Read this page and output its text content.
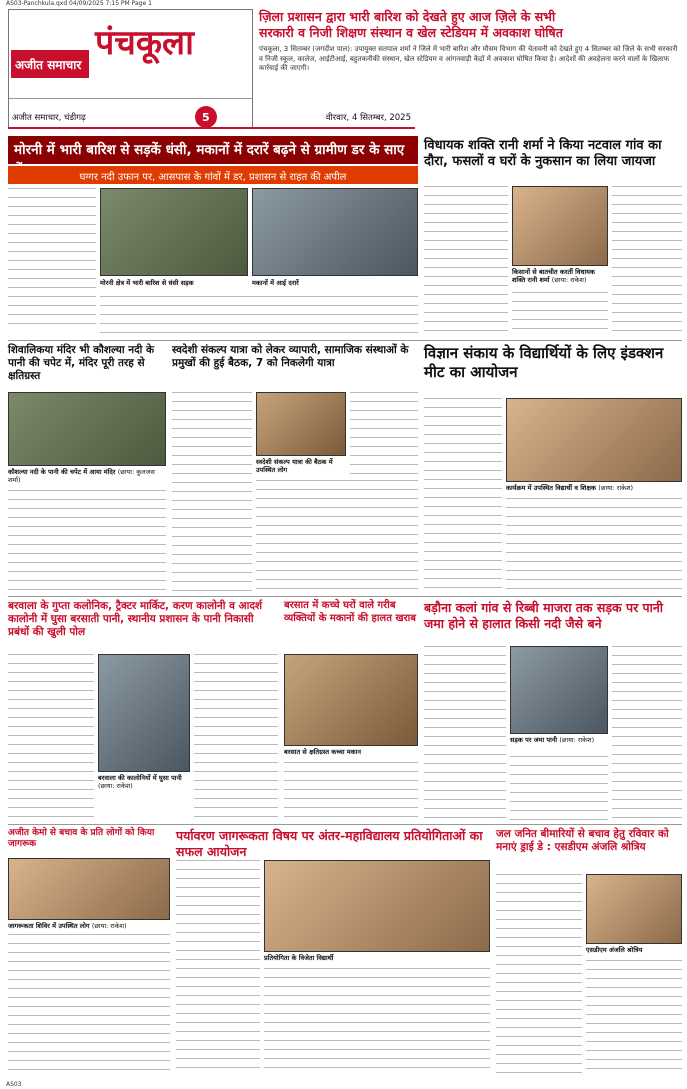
AS03-Panchkula.qxd 04/09/2025 7:15 PM Page 1
अजीत समाचार
पंचकूला
अजीत समाचार, चंडीगढ़	5	वीरवार, 4 सितम्बर, 2025
ज़िला प्रशासन द्वारा भारी बारिश को देखते हुए आज ज़िले के सभी
सरकारी व निजी शिक्षण संस्थान व खेल स्टेडियम में अवकाश घोषित

पंचकूला, 3 सितम्बर (जगदीश पाल): उपायुक्त सतपाल शर्मा ने जिले में भारी बारिश और मौसम विभाग की चेतावनी को देखते हुए 4 सितम्बर को जिले के सभी सरकारी व निजी स्कूल, कालेज, आईटीआई, बहुतकनीकी संस्थान, खेल स्टेडियम व आंगनवाड़ी केंद्रों में अवकाश घोषित किया है। आदेशों की अवहेलना करने वालों के खिलाफ कार्रवाई की जाएगी।

मोरनी में भारी बारिश से सड़कें धंसी, मकानों में दरारें बढ़ने से ग्रामीण डर के साए
घग्गर नदी उफान पर, आसपास के गांवों में डर, प्रशासन से राहत की अपील
मोरनी क्षेत्र में भारी बारिश से धंसी सड़क	मकानों में आई दरारें
विधायक शक्ति रानी शर्मा ने किया नटवाल गांव का दौरा, फसलों व घरों के नुकसान का लिया जायजा
किसानों से बातचीत करतीं विधायक शक्ति रानी शर्मा (छाया: राकेश)
शिवालिकया मंदिर भी कौशल्या नदी के पानी की चपेट में, मंदिर पूरी तरह से क्षतिग्रस्त
कौशल्या नदी के पानी की चपेट में आया मंदिर (छाया: कुलजस शर्मा)
स्वदेशी संकल्प यात्रा को लेकर व्यापारी, सामाजिक संस्थाओं के प्रमुखों की हुई बैठक, 7 को निकलेगी यात्रा
स्वदेशी संकल्प यात्रा की बैठक में उपस्थित लोग
विज्ञान संकाय के विद्यार्थियों के लिए इंडक्शन मीट का आयोजन
कार्यक्रम में उपस्थित विद्यार्थी व शिक्षक (छाया: राकेश)
बरवाला के गुप्ता कलोनिक, ट्रैक्टर मार्किट, करण कालोनी व आदर्श कालोनी में घुसा बरसाती पानी, स्थानीय प्रशासन के पानी निकासी प्रबंधों की खुली पोल
बरवाला की कालोनियों में घुसा पानी (छाया: राकेश)
बरसात में कच्चे घरों वाले गरीब व्यक्तियों के मकानों की हालत खराब
बरसात से क्षतिग्रस्त कच्चा मकान
बड़ौना कलां गांव से रिब्बी माजरा तक सड़क पर पानी जमा होने से हालात किसी नदी जैसे बने
सड़क पर जमा पानी (छाया: राकेश)
अजीत केमो से बचाव के प्रति लोगों को किया जागरूक
जागरूकता शिविर में उपस्थित लोग (छाया: राकेश)
पर्यावरण जागरूकता विषय पर अंतर-महाविद्यालय प्रतियोगिताओं का सफल आयोजन
प्रतियोगिता के विजेता विद्यार्थी
जल जनित बीमारियों से बचाव हेतु रविवार को मनाएं ड्राई डे : एसडीएम अंजलि श्रोत्रिय
एसडीएम अंजलि श्रोत्रिय
AS03
